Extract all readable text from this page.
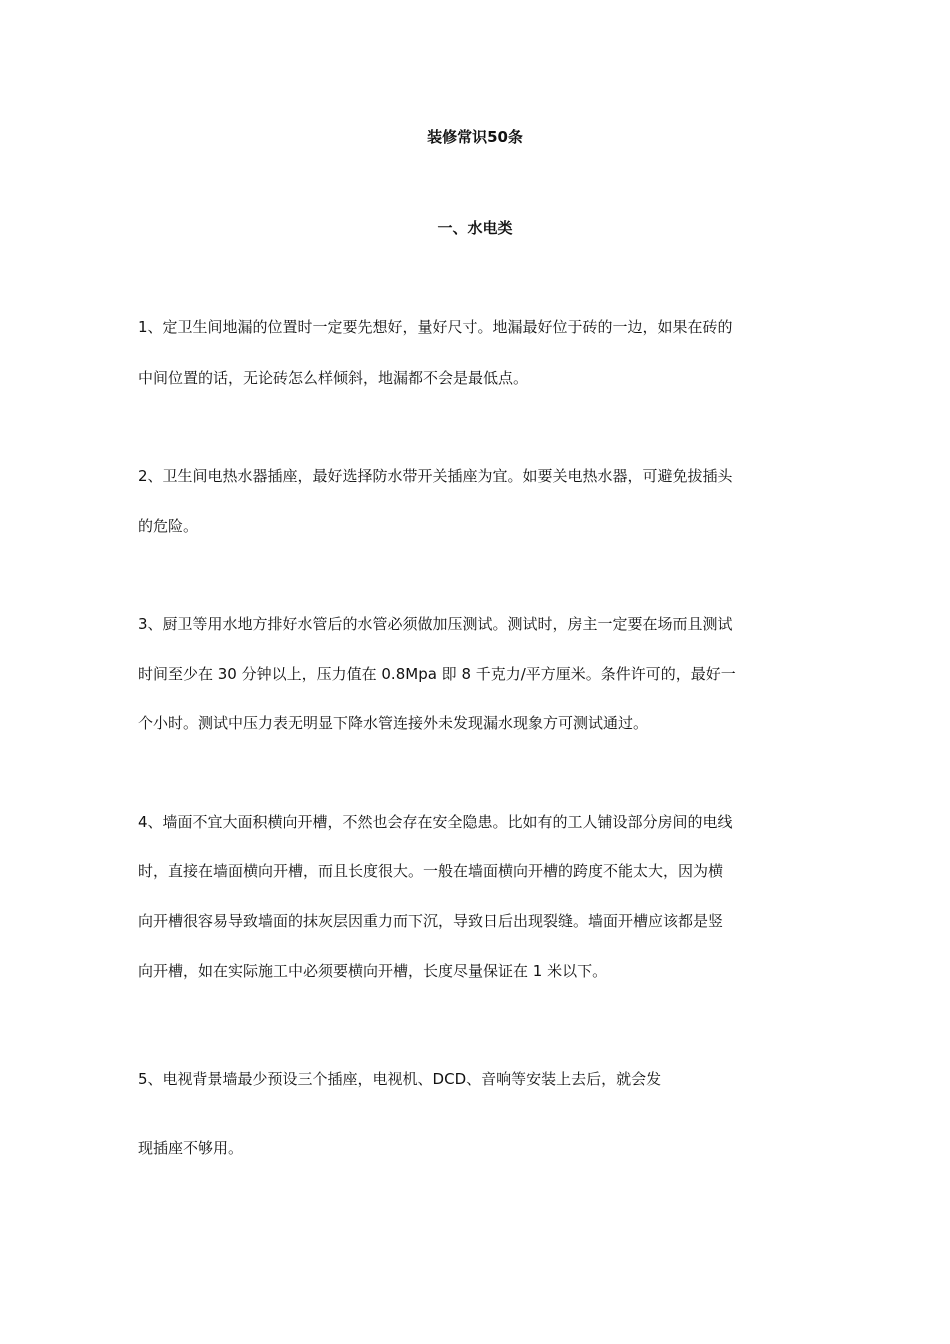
装修常识50条
一、水电类
1、定卫生间地漏的位置时一定要先想好，量好尺寸。地漏最好位于砖的一边，如果在砖的
中间位置的话，无论砖怎么样倾斜，地漏都不会是最低点。
2、卫生间电热水器插座，最好选择防水带开关插座为宜。如要关电热水器，可避免拔插头
的危险。
3、厨卫等用水地方排好水管后的水管必须做加压测试。测试时，房主一定要在场而且测试
时间至少在 30 分钟以上，压力值在 0.8Mpa 即 8 千克力/平方厘米。条件许可的，最好一
个小时。测试中压力表无明显下降水管连接外未发现漏水现象方可测试通过。
4、墙面不宜大面积横向开槽，不然也会存在安全隐患。比如有的工人铺设部分房间的电线
时，直接在墙面横向开槽，而且长度很大。一般在墙面横向开槽的跨度不能太大，因为横
向开槽很容易导致墙面的抹灰层因重力而下沉，导致日后出现裂缝。墙面开槽应该都是竖
向开槽，如在实际施工中必须要横向开槽，长度尽量保证在 1 米以下。
5、电视背景墙最少预设三个插座，电视机、DCD、音响等安装上去后，就会发
现插座不够用。
